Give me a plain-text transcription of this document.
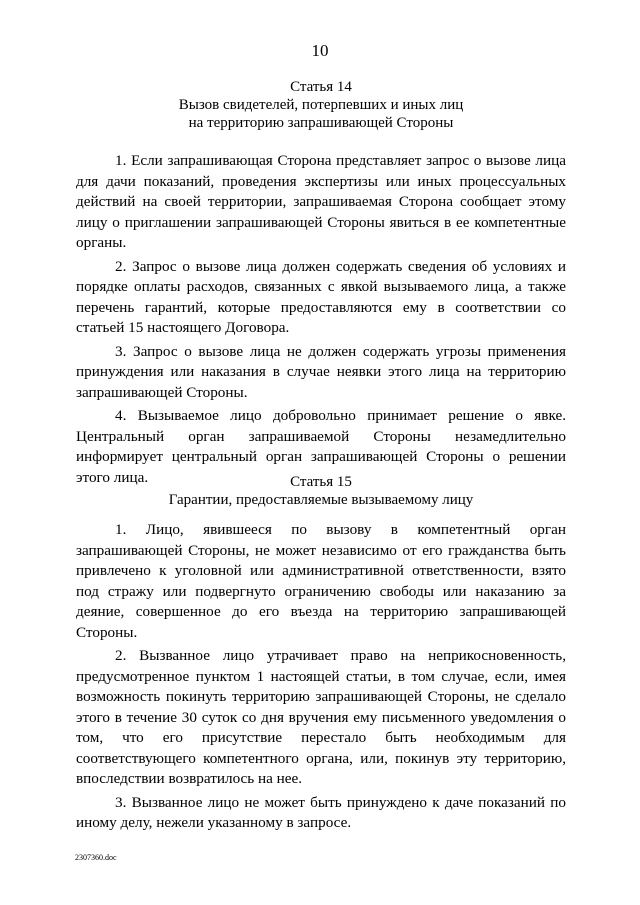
10
Статья 14
Вызов свидетелей, потерпевших и иных лиц
на территорию запрашивающей Стороны

1. Если запрашивающая Сторона представляет запрос о вызове лица для дачи показаний, проведения экспертизы или иных процессуальных действий на своей территории, запрашиваемая Сторона сообщает этому лицу о приглашении запрашивающей Стороны явиться в ее компетентные органы.

2. Запрос о вызове лица должен содержать сведения об условиях и порядке оплаты расходов, связанных с явкой вызываемого лица, а также перечень гарантий, которые предоставляются ему в соответствии со статьей 15 настоящего Договора.

3. Запрос о вызове лица не должен содержать угрозы применения принуждения или наказания в случае неявки этого лица на территорию запрашивающей Стороны.

4. Вызываемое лицо добровольно принимает решение о явке. Центральный орган запрашиваемой Стороны незамедлительно информирует центральный орган запрашивающей Стороны о решении этого лица.	Статья 15
Гарантии, предоставляемые вызываемому лицу

1. Лицо, явившееся по вызову в компетентный орган запрашивающей Стороны, не может независимо от его гражданства быть привлечено к уголовной или административной ответственности, взято под стражу или подвергнуто ограничению свободы или наказанию за деяние, совершенное до его въезда на территорию запрашивающей Стороны.

2. Вызванное лицо утрачивает право на неприкосновенность, предусмотренное пунктом 1 настоящей статьи, в том случае, если, имея возможность покинуть территорию запрашивающей Стороны, не сделало этого в течение 30 суток со дня вручения ему письменного уведомления о том, что его присутствие перестало быть необходимым для соответствующего компетентного органа, или, покинув эту территорию, впоследствии возвратилось на нее.

3. Вызванное лицо не может быть принуждено к даче показаний по иному делу, нежели указанному в запросе.

2307360.doc
